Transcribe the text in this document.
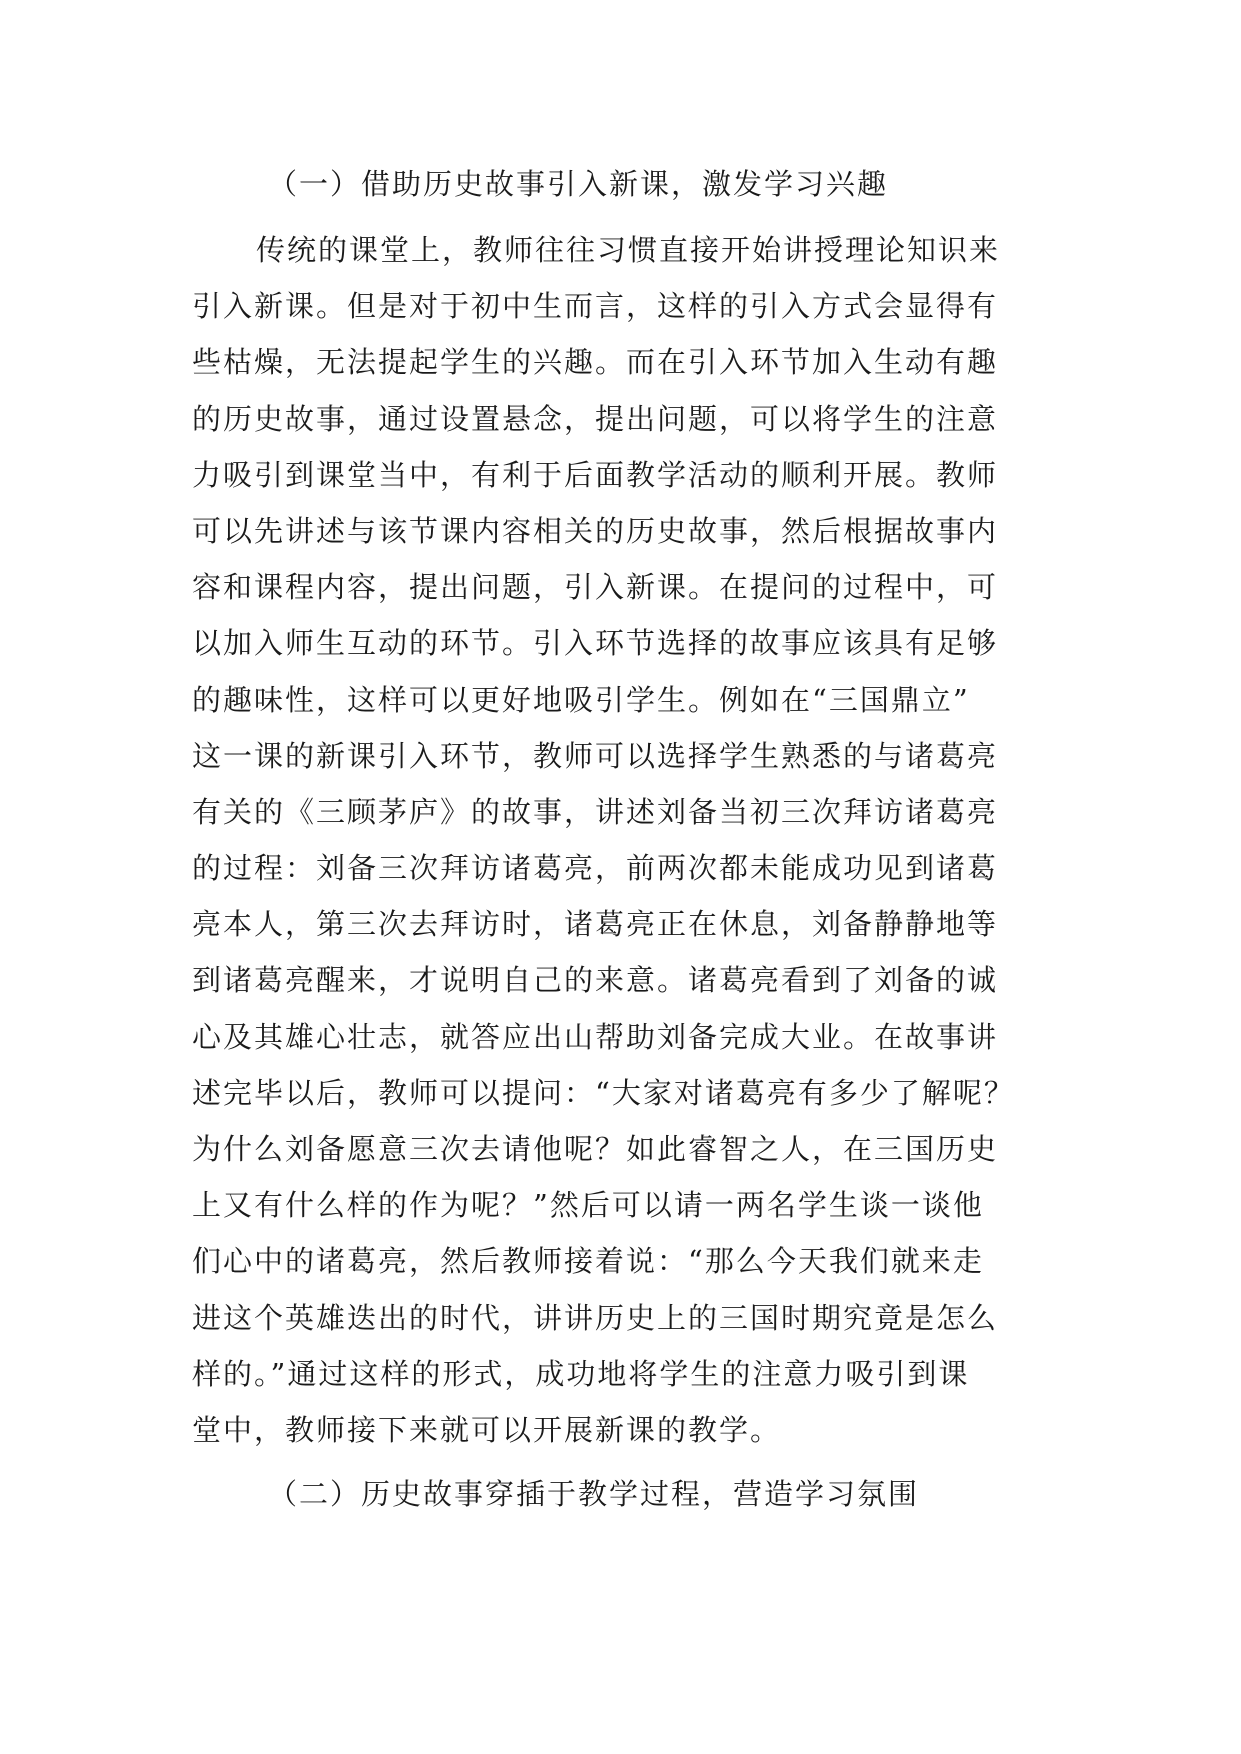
（一）借助历史故事引入新课，激发学习兴趣
传统的课堂上，教师往往习惯直接开始讲授理论知识来
引入新课。但是对于初中生而言，这样的引入方式会显得有
些枯燥，无法提起学生的兴趣。而在引入环节加入生动有趣
的历史故事，通过设置悬念，提出问题，可以将学生的注意
力吸引到课堂当中，有利于后面教学活动的顺利开展。教师
可以先讲述与该节课内容相关的历史故事，然后根据故事内
容和课程内容，提出问题，引入新课。在提问的过程中，可
以加入师生互动的环节。引入环节选择的故事应该具有足够
的趣味性，这样可以更好地吸引学生。例如在“三国鼎立”
这一课的新课引入环节，教师可以选择学生熟悉的与诸葛亮
有关的《三顾茅庐》的故事，讲述刘备当初三次拜访诸葛亮
的过程：刘备三次拜访诸葛亮，前两次都未能成功见到诸葛
亮本人，第三次去拜访时，诸葛亮正在休息，刘备静静地等
到诸葛亮醒来，才说明自己的来意。诸葛亮看到了刘备的诚
心及其雄心壮志，就答应出山帮助刘备完成大业。在故事讲
述完毕以后，教师可以提问：“大家对诸葛亮有多少了解呢？
为什么刘备愿意三次去请他呢？如此睿智之人，在三国历史
上又有什么样的作为呢？”然后可以请一两名学生谈一谈他
们心中的诸葛亮，然后教师接着说：“那么今天我们就来走
进这个英雄迭出的时代，讲讲历史上的三国时期究竟是怎么
样的。”通过这样的形式，成功地将学生的注意力吸引到课
堂中，教师接下来就可以开展新课的教学。
（二）历史故事穿插于教学过程，营造学习氛围
